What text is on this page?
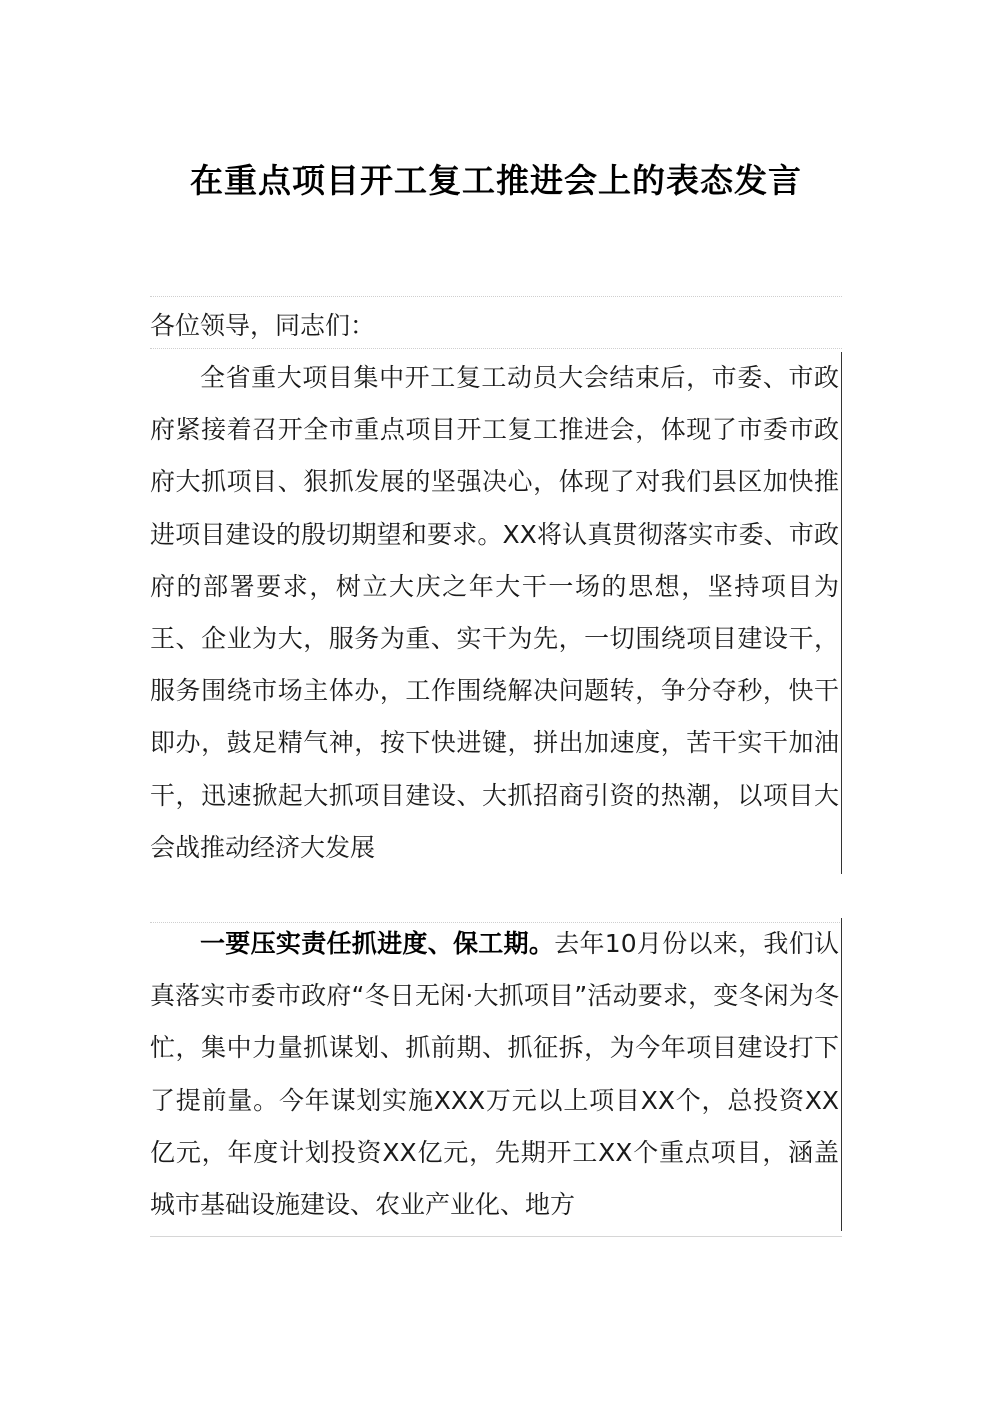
在重点项目开工复工推进会上的表态发言

各位领导，同志们：

全省重大项目集中开工复工动员大会结束后，市委、市政府紧接着召开全市重点项目开工复工推进会，体现了市委市政府大抓项目、狠抓发展的坚强决心，体现了对我们县区加快推进项目建设的殷切期望和要求。XX将认真贯彻落实市委、市政府的部署要求，树立大庆之年大干一场的思想，坚持项目为王、企业为大，服务为重、实干为先，一切围绕项目建设干，服务围绕市场主体办，工作围绕解决问题转，争分夺秒，快干即办，鼓足精气神，按下快进键，拼出加速度，苦干实干加油干，迅速掀起大抓项目建设、大抓招商引资的热潮，以项目大会战推动经济大发展

一要压实责任抓进度、保工期。去年10月份以来，我们认真落实市委市政府“冬日无闲·大抓项目”活动要求，变冬闲为冬忙，集中力量抓谋划、抓前期、抓征拆，为今年项目建设打下了提前量。今年谋划实施XXX万元以上项目XX个，总投资XX亿元，年度计划投资XX亿元，先期开工XX个重点项目，涵盖城市基础设施建设、农业产业化、地方
